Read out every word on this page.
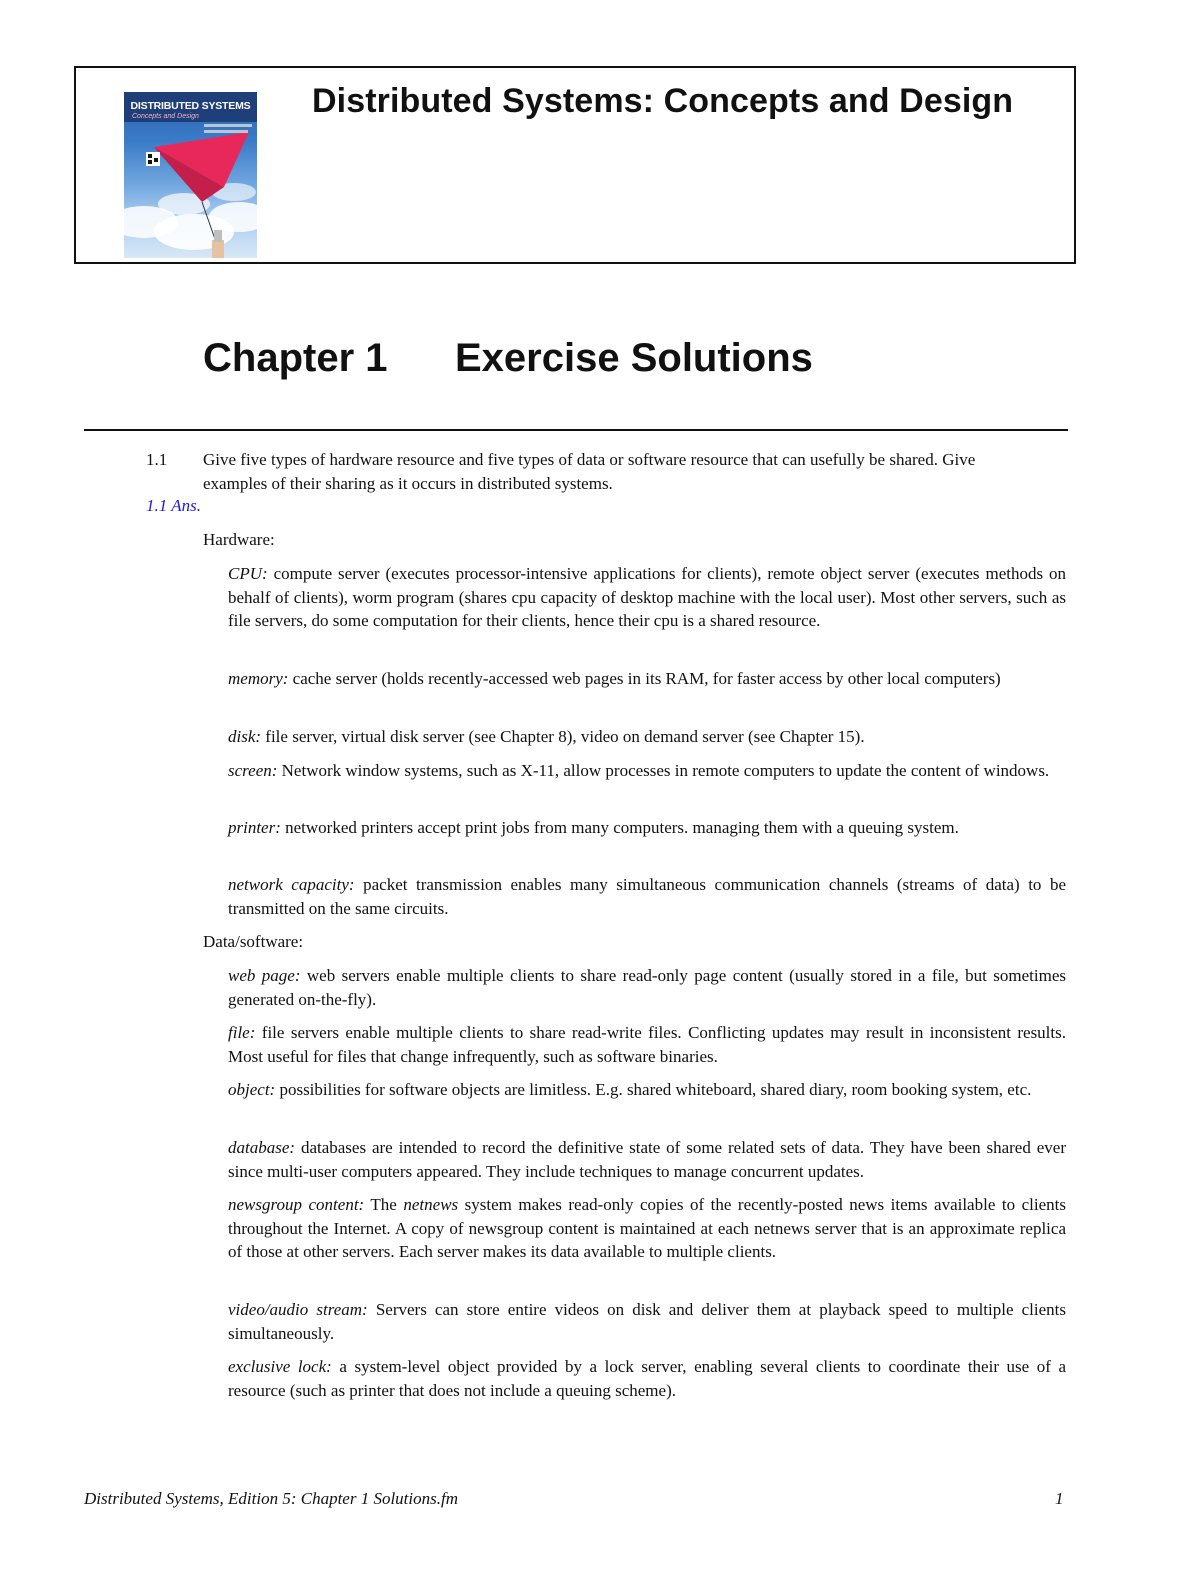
DISTRIBUTED SYSTEMS
Concepts and Design	Distributed Systems: Concepts and Design
Chapter 1 Exercise Solutions
1.1 Give five types of hardware resource and five types of data or software resource that can usefully be shared. Give examples of their sharing as it occurs in distributed systems.
1.1 Ans.
Hardware:
CPU: compute server (executes processor-intensive applications for clients), remote object server (executes methods on behalf of clients), worm program (shares cpu capacity of desktop machine with the local user). Most other servers, such as file servers, do some computation for their clients, hence their cpu is a shared resource.
memory: cache server (holds recently-accessed web pages in its RAM, for faster access by other local computers)
disk: file server, virtual disk server (see Chapter 8), video on demand server (see Chapter 15).
screen: Network window systems, such as X-11, allow processes in remote computers to update the content of windows.
printer: networked printers accept print jobs from many computers. managing them with a queuing system.
network capacity: packet transmission enables many simultaneous communication channels (streams of data) to be transmitted on the same circuits.
Data/software:
web page: web servers enable multiple clients to share read-only page content (usually stored in a file, but sometimes generated on-the-fly).
file: file servers enable multiple clients to share read-write files. Conflicting updates may result in inconsistent results. Most useful for files that change infrequently, such as software binaries.
object: possibilities for software objects are limitless. E.g. shared whiteboard, shared diary, room booking system, etc.
database: databases are intended to record the definitive state of some related sets of data. They have been shared ever since multi-user computers appeared. They include techniques to manage concurrent updates.
newsgroup content: The netnews system makes read-only copies of the recently-posted news items available to clients throughout the Internet. A copy of newsgroup content is maintained at each netnews server that is an approximate replica of those at other servers. Each server makes its data available to multiple clients.
video/audio stream: Servers can store entire videos on disk and deliver them at playback speed to multiple clients simultaneously.
exclusive lock: a system-level object provided by a lock server, enabling several clients to coordinate their use of a resource (such as printer that does not include a queuing scheme).
Distributed Systems, Edition 5: Chapter 1 Solutions.fm	1
